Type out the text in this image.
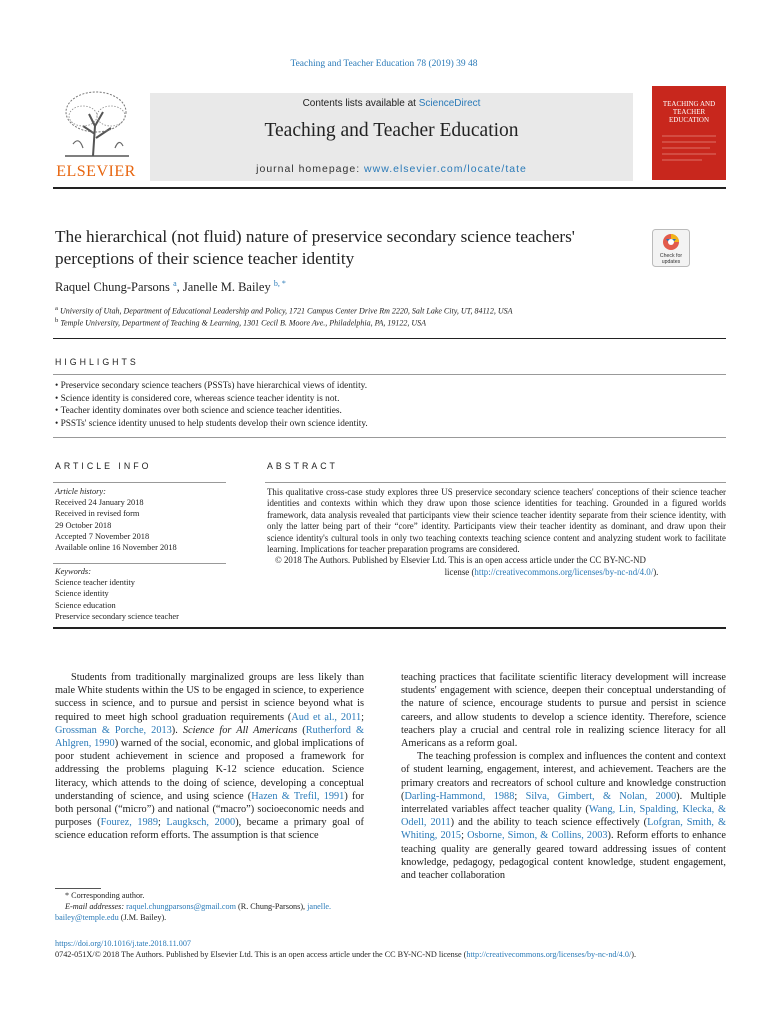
Teaching and Teacher Education 78 (2019) 39 48
ELSEVIER
Contents lists available at ScienceDirect
Teaching and Teacher Education
journal homepage: www.elsevier.com/locate/tate
TEACHING AND TEACHER EDUCATION
The hierarchical (not fluid) nature of preservice secondary science teachers' perceptions of their science teacher identity	Check for updates
Raquel Chung-Parsons $^a$, Janelle M. Bailey $^{b, *}$
$^a$ University of Utah, Department of Educational Leadership and Policy, 1721 Campus Center Drive Rm 2220, Salt Lake City, UT, 84112, USA
$^b$ Temple University, Department of Teaching & Learning, 1301 Cecil B. Moore Ave., Philadelphia, PA, 19122, USA
HIGHLIGHTS
• Preservice secondary science teachers (PSSTs) have hierarchical views of identity.
• Science identity is considered core, whereas science teacher identity is not.
• Teacher identity dominates over both science and science teacher identities.
• PSSTs' science identity unused to help students develop their own science identity.
ARTICLE INFO	ABSTRACT
Article history:
Received 24 January 2018
Received in revised form
29 October 2018
Accepted 7 November 2018
Available online 16 November 2018
Keywords:
Science teacher identity
Science identity
Science education
Preservice secondary science teacher
This qualitative cross-case study explores three US preservice secondary science teachers' conceptions of their science teacher identities and contexts within which they draw upon those science identities for teaching. Grounded in a figured worlds framework, data analysis revealed that participants view their science teacher identity separate from their science identity, with only the latter being part of their “core” identity. Participants view their teacher identity as dominant, and draw upon their science identity's cultural tools in only two teaching contexts teaching science content and analyzing student work to facilitate learning. Implications for teacher preparation programs are considered.
© 2018 The Authors. Published by Elsevier Ltd. This is an open access article under the CC BY-NC-ND
license (http://creativecommons.org/licenses/by-nc-nd/4.0/).

Students from traditionally marginalized groups are less likely than male White students within the US to be engaged in science, to experience success in science, and to pursue and persist in science beyond what is required to meet high school graduation requirements (Aud et al., 2011; Grossman & Porche, 2013). Science for All Americans (Rutherford & Ahlgren, 1990) warned of the social, economic, and global implications of poor student achievement in science and proposed a framework for addressing the problems plaguing K-12 science education. Science literacy, which attends to the doing of science, developing a conceptual understanding of science, and using science (Hazen & Trefil, 1991) for both personal (“micro”) and national (“macro”) socioeconomic needs and purposes (Fourez, 1989; Laugksch, 2000), became a primary goal of science education reform efforts. The assumption is that science

teaching practices that facilitate scientific literacy development will increase students' engagement with science, deepen their conceptual understanding of the nature of science, encourage students to pursue and persist in science careers, and allow students to develop a science identity. Therefore, science teachers play a crucial and central role in realizing science literacy for all Americans as a reform goal.

The teaching profession is complex and influences the content and context of student learning, engagement, interest, and achievement. Teachers are the primary creators and recreators of school culture and knowledge construction (Darling-Hammond, 1988; Silva, Gimbert, & Nolan, 2000). Multiple interrelated variables affect teacher quality (Wang, Lin, Spalding, Klecka, & Odell, 2011) and the ability to teach science effectively (Lofgran, Smith, & Whiting, 2015; Osborne, Simon, & Collins, 2003). Reform efforts to enhance teaching quality are generally geared toward addressing issues of content knowledge, pedagogy, pedagogical content knowledge, student engagement, and teacher collaboration

* Corresponding author.
E-mail addresses: raquel.chungparsons@gmail.com (R. Chung-Parsons), janelle.
bailey@temple.edu (J.M. Bailey).
https://doi.org/10.1016/j.tate.2018.11.007
0742-051X/© 2018 The Authors. Published by Elsevier Ltd. This is an open access article under the CC BY-NC-ND license (http://creativecommons.org/licenses/by-nc-nd/4.0/).
